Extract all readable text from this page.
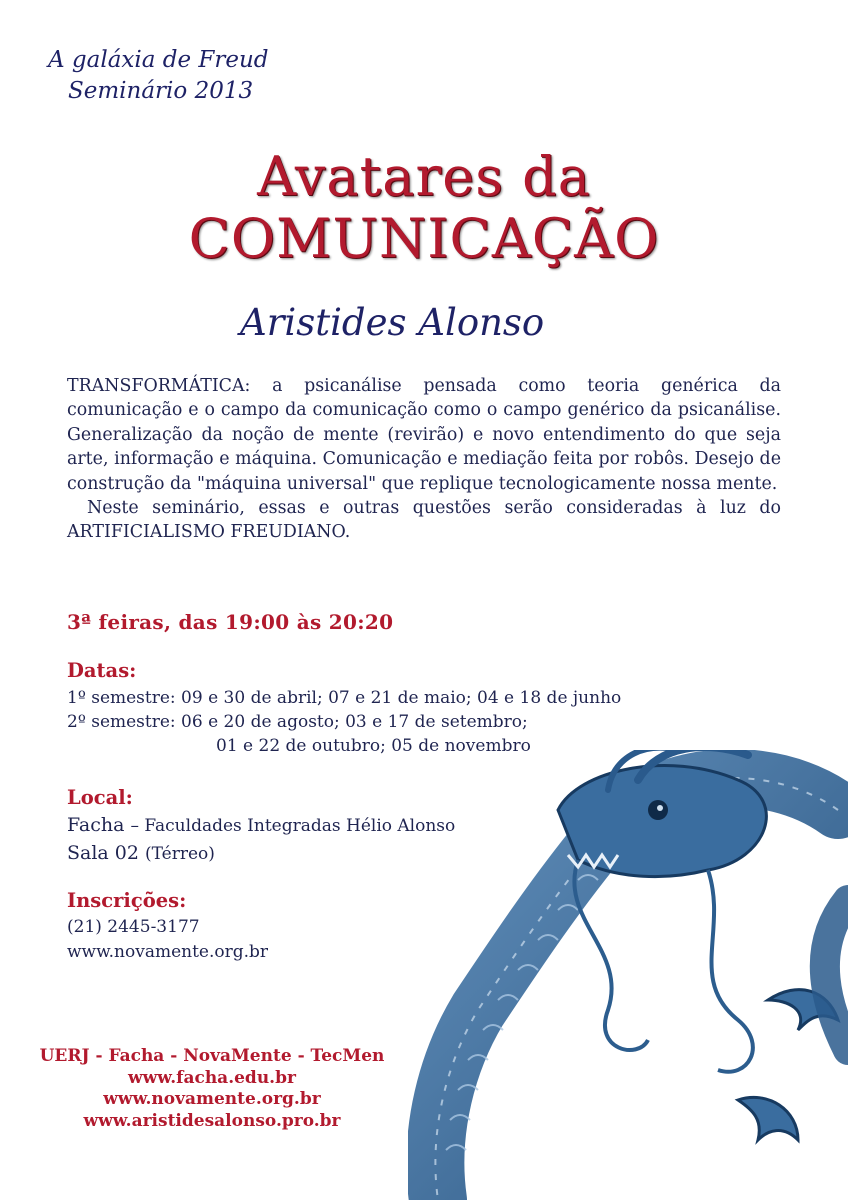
A galáxia de Freud
Seminário 2013
Avatares da
COMUNICAÇÃO
Aristides Alonso

TRANSFORMÁTICA: a psicanálise pensada como teoria genérica da comunicação e o campo da comunicação como o campo genérico da psicanálise. Generalização da noção de mente (revirão) e novo entendimento do que seja arte, informação e máquina. Comunicação e mediação feita por robôs. Desejo de construção da "máquina universal" que replique tecnologicamente nossa mente.

Neste seminário, essas e outras questões serão consideradas à luz do ARTIFICIALISMO FREUDIANO.

3ª feiras, das 19:00 às 20:20
Datas:
1º semestre: 09 e 30 de abril; 07 e 21 de maio; 04 e 18 de junho
2º semestre: 06 e 20 de agosto; 03 e 17 de setembro;
01 e 22 de outubro; 05 de novembro
Local:
Facha – Faculdades Integradas Hélio Alonso
Sala 02 (Térreo)
Inscrições:
(21) 2445-3177
www.novamente.org.br
UERJ - Facha - NovaMente - TecMen
www.facha.edu.br
www.novamente.org.br
www.aristidesalonso.pro.br
